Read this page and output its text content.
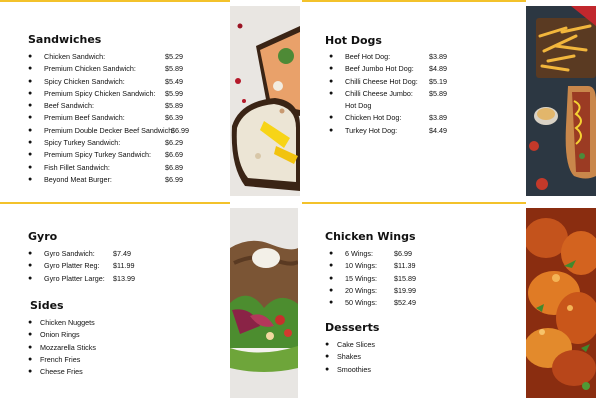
Sandwiches
● Chicken Sandwich:	$5.29
● Premium Chicken Sandwich:	$5.89
● Spicy Chicken Sandwich:	$5.49
● Premium Spicy Chicken Sandwich: $5.99
● Beef Sandwich:	$5.89
● Premium Beef Sandwich:	$6.39
● Premium Double Decker Beef Sandwich:
$6.99
● Spicy Turkey Sandwich:	$6.29
● Premium Spicy Turkey Sandwich: $6.69
● Fish Fillet Sandwich:	$6.89
● Beyond Meat Burger:	$6.99
Hot Dogs
● Beef Hot Dog:	$3.89
● Beef Jumbo Hot Dog: $4.89
● Chilli Cheese Hot Dog: $5.19
● Chilli Cheese Jumbo: $5.89
Hot Dog
● Chicken Hot Dog:	$3.89
● Turkey Hot Dog:	$4.49
Gyro
● Gyro Sandwich:	$7.49
● Gyro Platter Reg: $11.99
● Gyro Platter Large: $13.99
Sides
● Chicken Nuggets
● Onion Rings
● Mozzarella Sticks
● French Fries
● Cheese Fries
Chicken Wings
● 6 Wings:	$6.99
● 10 Wings: $11.39
● 15 Wings: $15.89
● 20 Wings: $19.99
● 50 Wings: $52.49
Desserts
● Cake Slices
● Shakes
● Smoothies
